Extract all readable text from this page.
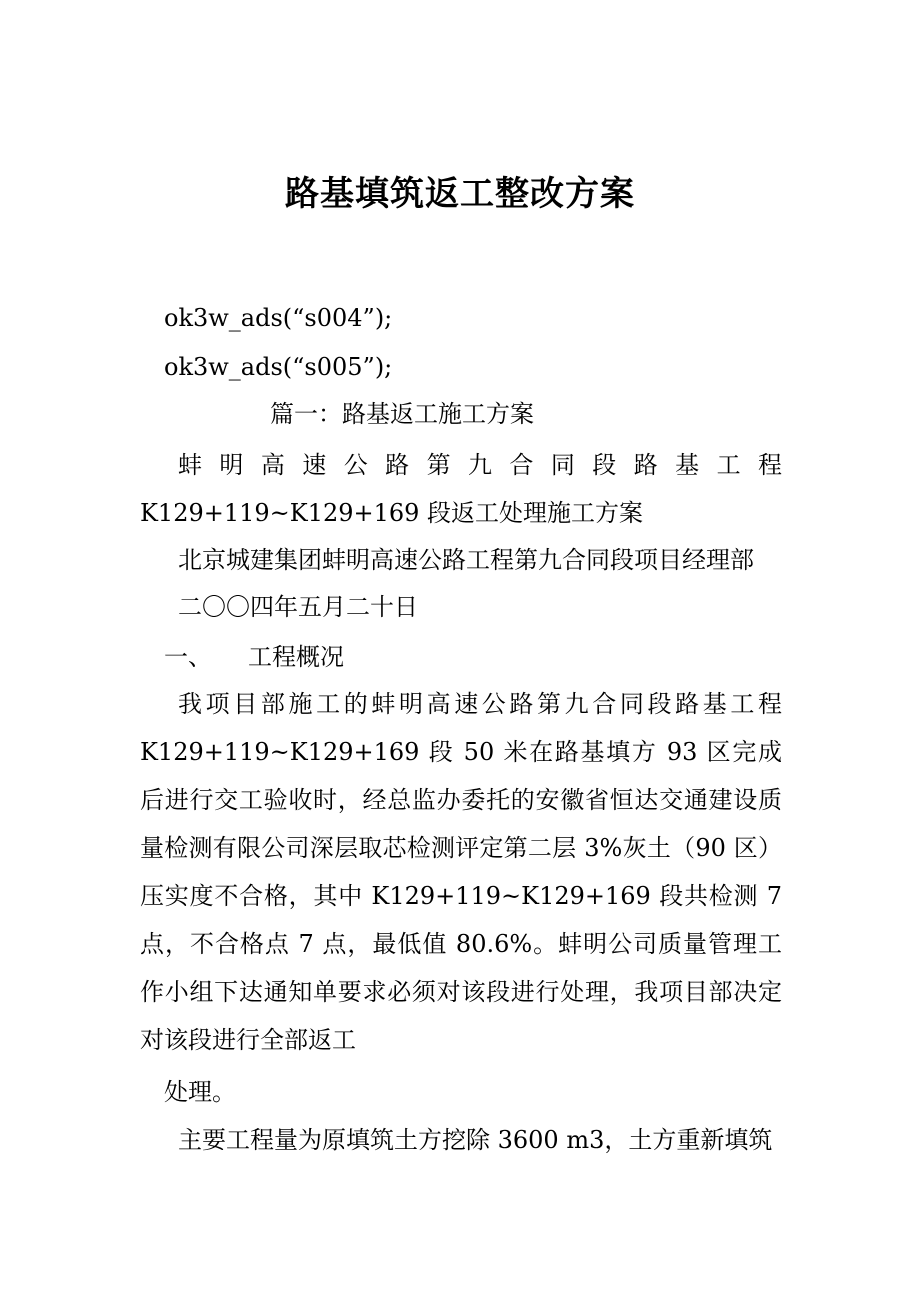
路基填筑返工整改方案
ok3w_ads(“s004”);
ok3w_ads(“s005”);
篇一：路基返工施工方案
蚌明高速公路第九合同段路基工程 K129+119~K129+169 段返工处理施工方案
北京城建集团蚌明高速公路工程第九合同段项目经理部
二〇〇四年五月二十日
一、 工程概况
我项目部施工的蚌明高速公路第九合同段路基工程 K129+119~K129+169 段 50 米在路基填方 93 区完成后进行交工验收时，经总监办委托的安徽省恒达交通建设质量检测有限公司深层取芯检测评定第二层 3%灰土（90 区）压实度不合格，其中 K129+119~K129+169 段共检测 7 点，不合格点 7 点，最低值 80.6%。蚌明公司质量管理工作小组下达通知单要求必须对该段进行处理，我项目部决定对该段进行全部返工
处理。
主要工程量为原填筑土方挖除 3600 m3，土方重新填筑
